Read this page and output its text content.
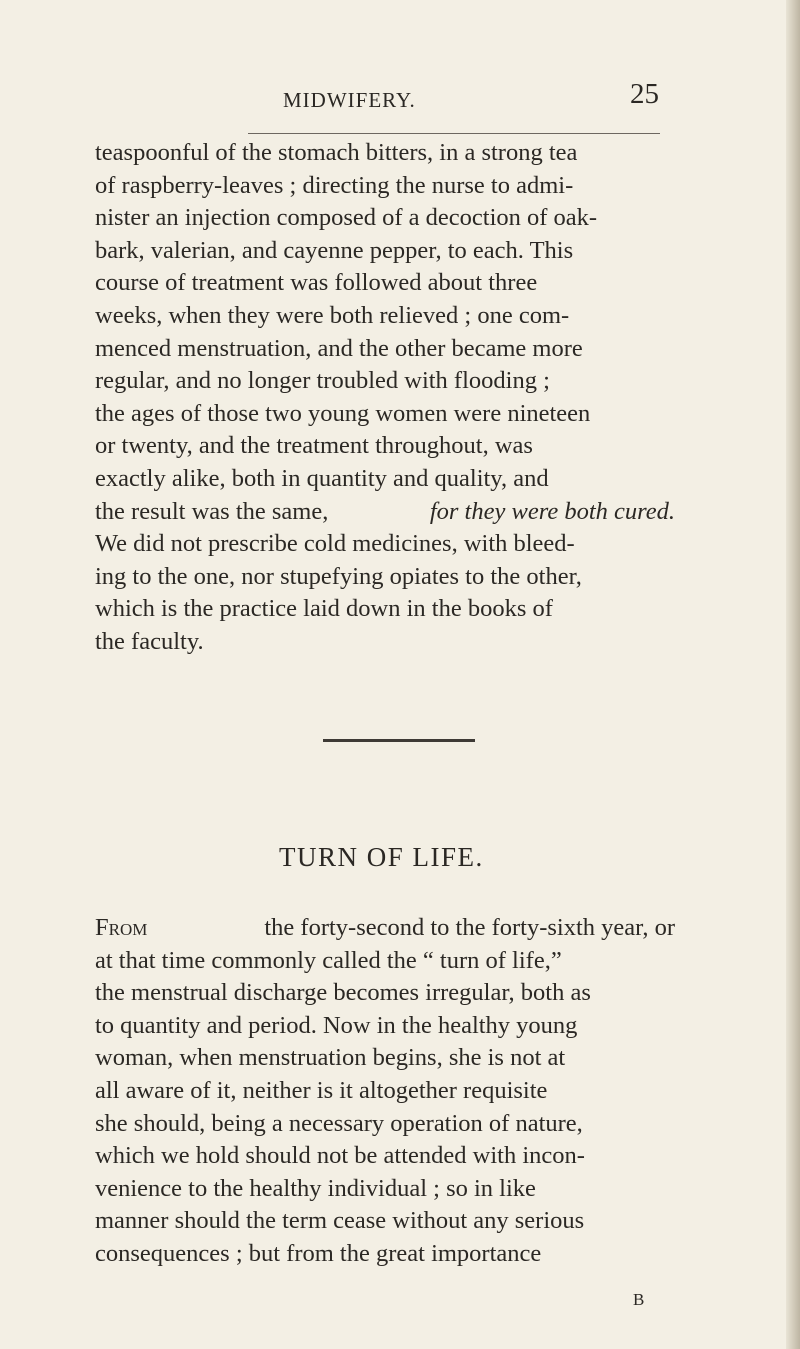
MIDWIFERY.	25
teaspoonful of the stomach bitters, in a strong tea
of raspberry-leaves ; directing the nurse to admi-
nister an injection composed of a decoction of oak-
bark, valerian, and cayenne pepper, to each. This
course of treatment was followed about three
weeks, when they were both relieved ; one com-
menced menstruation, and the other became more
regular, and no longer troubled with flooding ;
the ages of those two young women were nineteen
or twenty, and the treatment throughout, was
exactly alike, both in quantity and quality, and
the result was the same,	for they were both cured.
We did not prescribe cold medicines, with bleed-
ing to the one, nor stupefying opiates to the other,
which is the practice laid down in the books of
the faculty.
TURN OF LIFE.
From	the forty-second to the forty-sixth year, or
at that time commonly called the “ turn of life,”
the menstrual discharge becomes irregular, both as
to quantity and period. Now in the healthy young
woman, when menstruation begins, she is not at
all aware of it, neither is it altogether requisite
she should, being a necessary operation of nature,
which we hold should not be attended with incon-
venience to the healthy individual ; so in like
manner should the term cease without any serious
consequences ; but from the great importance
B
